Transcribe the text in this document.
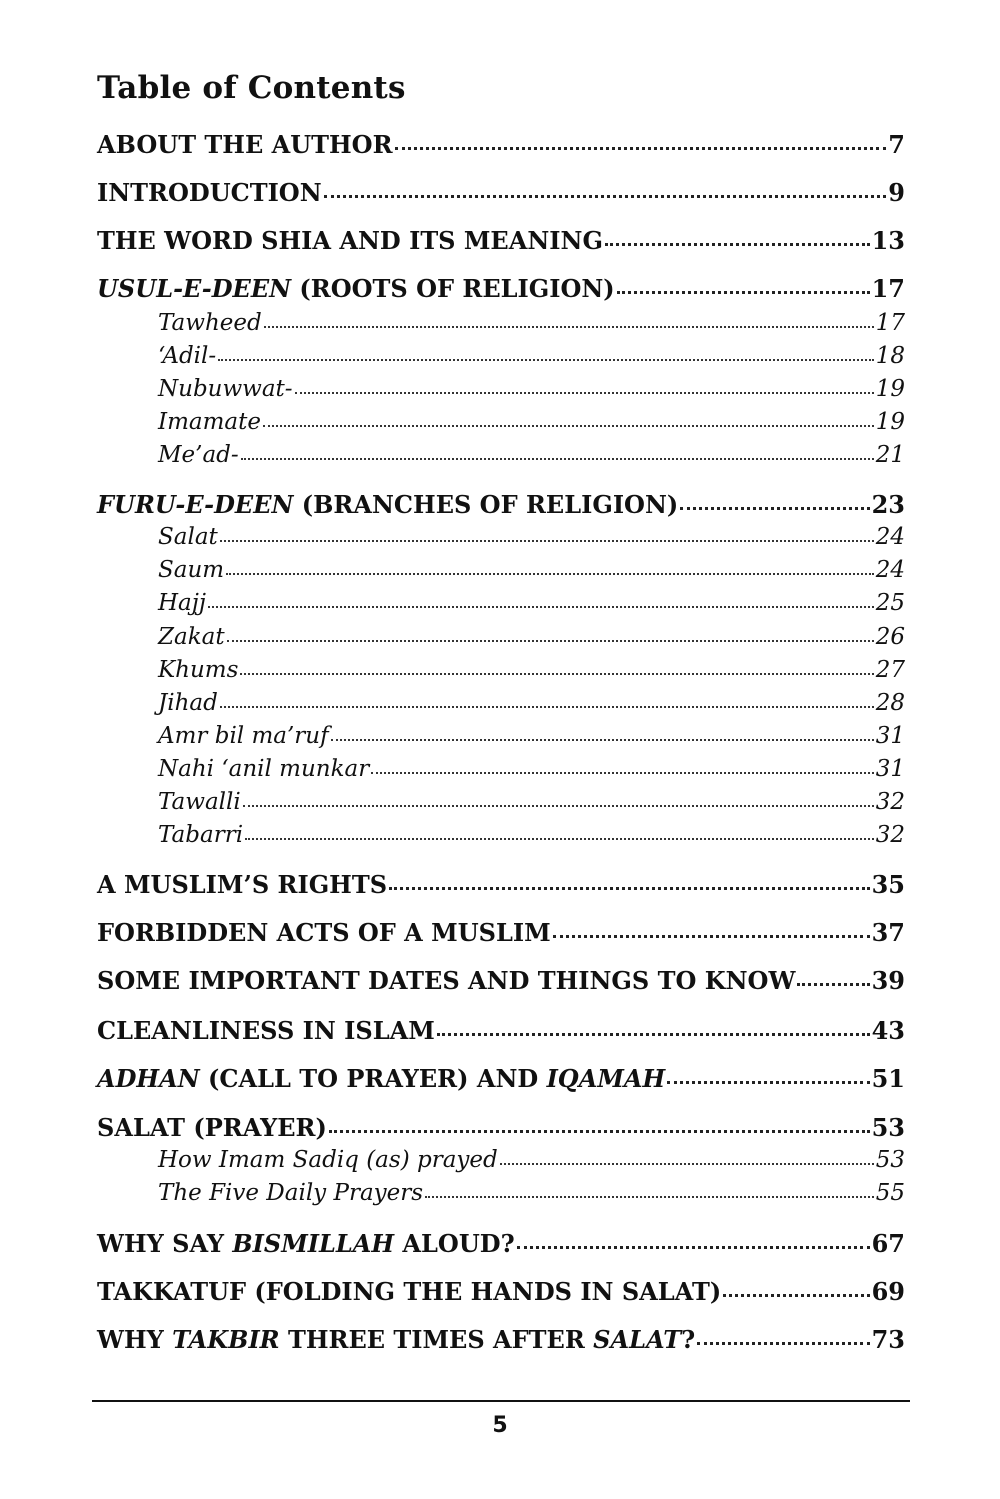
Table of Contents
ABOUT THE AUTHOR	7
INTRODUCTION	9
THE WORD SHIA AND ITS MEANING	13
USUL-E-DEEN (ROOTS OF RELIGION)	17
Tawheed	17
‘Adil-	18
Nubuwwat-	19
Imamate	19
Me’ad-	21
FURU-E-DEEN (BRANCHES OF RELIGION)	23
Salat	24
Saum	24
Hajj	25
Zakat	26
Khums	27
Jihad	28
Amr bil ma’ruf	31
Nahi ‘anil munkar	31
Tawalli	32
Tabarri	32
A MUSLIM’S RIGHTS	35
FORBIDDEN ACTS OF A MUSLIM	37
SOME IMPORTANT DATES AND THINGS TO KNOW	39
CLEANLINESS IN ISLAM	43
ADHAN (CALL TO PRAYER) AND IQAMAH	51
SALAT (PRAYER)	53
How Imam Sadiq (as) prayed	53
The Five Daily Prayers	55
WHY SAY BISMILLAH ALOUD?	67
TAKKATUF (FOLDING THE HANDS IN SALAT)	69
WHY TAKBIR THREE TIMES AFTER SALAT?	73
5
